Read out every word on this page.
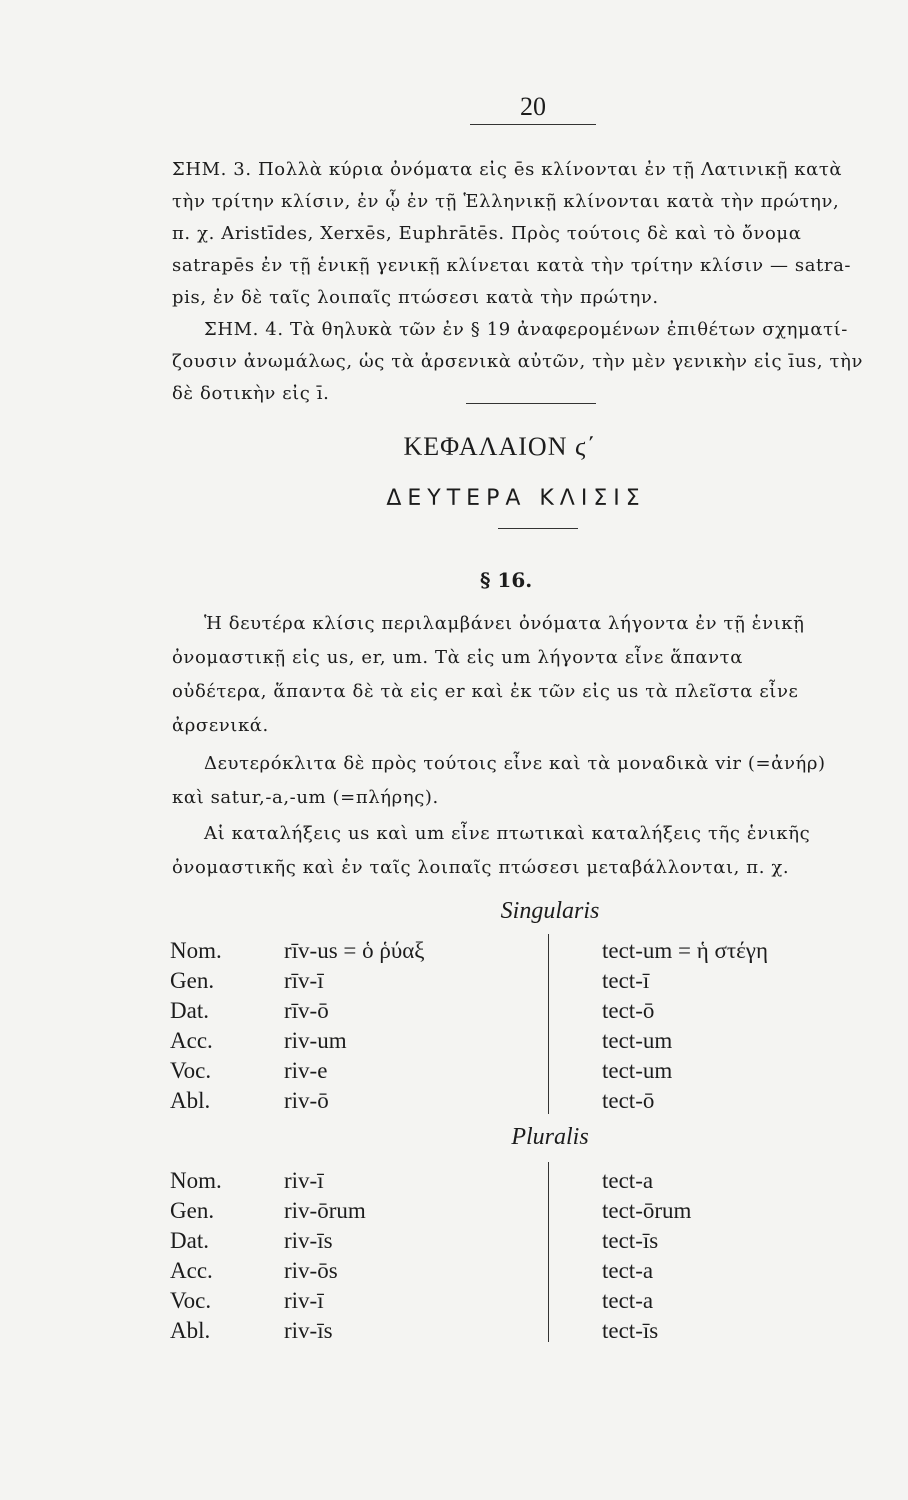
20
ΣΗΜ. 3. Πολλὰ κύρια ὀνόματα εἰς ēs κλίνονται ἐν τῇ Λατινικῇ κατὰ
τὴν τρίτην κλίσιν, ἐν ᾧ ἐν τῇ Ἑλληνικῇ κλίνονται κατὰ τὴν πρώτην,
π. χ. Aristīdes, Xerxēs, Euphrātēs. Πρὸς τούτοις δὲ καὶ τὸ ὄνομα
satrapēs ἐν τῇ ἑνικῇ γενικῇ κλίνεται κατὰ τὴν τρίτην κλίσιν — satra-
pis, ἐν δὲ ταῖς λοιπαῖς πτώσεσι κατὰ τὴν πρώτην.
ΣΗΜ. 4. Τὰ θηλυκὰ τῶν ἐν § 19 ἀναφερομένων ἐπιθέτων σχηματί-
ζουσιν ἀνωμάλως, ὡς τὰ ἀρσενικὰ αὐτῶν, τὴν μὲν γενικὴν εἰς īus, τὴν
δὲ δοτικὴν εἰς ī.
ΚΕΦΑΛΑΙΟΝ ϛ΄
ΔΕΥΤΕΡΑ ΚΛΙΣΙΣ
§ 16.
Ἡ δευτέρα κλίσις περιλαμβάνει ὀνόματα λήγοντα ἐν τῇ ἑνικῇ
ὀνομαστικῇ εἰς us, er, um. Τὰ εἰς um λήγοντα εἶνε ἅπαντα
οὐδέτερα, ἅπαντα δὲ τὰ εἰς er καὶ ἐκ τῶν εἰς us τὰ πλεῖστα εἶνε
ἀρσενικά.
Δευτερόκλιτα δὲ πρὸς τούτοις εἶνε καὶ τὰ μοναδικὰ vir (=ἀνήρ)
καὶ satur,-a,-um (=πλήρης).
Αἱ καταλήξεις us καὶ um εἶνε πτωτικαὶ καταλήξεις τῆς ἑνικῆς
ὀνομαστικῆς καὶ ἐν ταῖς λοιπαῖς πτώσεσι μεταβάλλονται, π. χ.
Singularis
Nom.	rīv-us = ὁ ῥύαξ	tect-um = ἡ στέγη
Gen.	rīv-ī	tect-ī
Dat.	rīv-ō	tect-ō
Acc.	riv-um	tect-um
Voc.	riv-e	tect-um
Abl.	riv-ō	tect-ō
Pluralis
Nom.	riv-ī	tect-a
Gen.	riv-ōrum	tect-ōrum
Dat.	riv-īs	tect-īs
Acc.	riv-ōs	tect-a
Voc.	riv-ī	tect-a
Abl.	riv-īs	tect-īs
